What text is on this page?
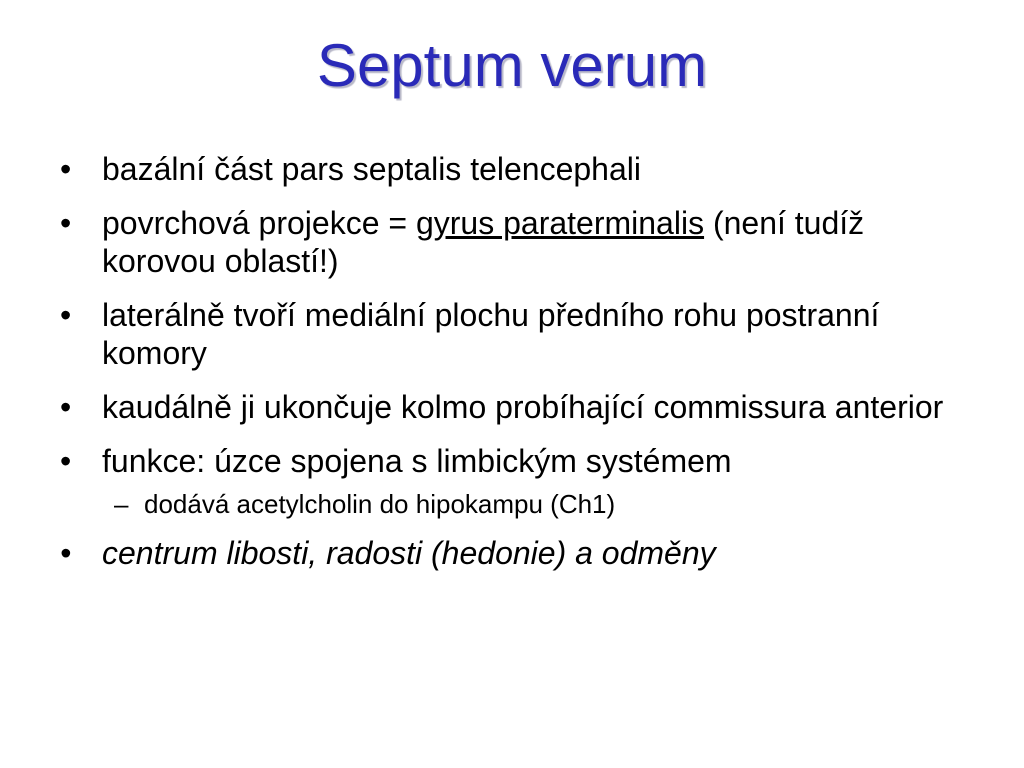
Septum verum
• bazální část pars septalis telencephali
• povrchová projekce = gyrus paraterminalis (není tudíž korovou oblastí!)
• laterálně tvoří mediální plochu předního rohu postranní komory
• kaudálně ji ukončuje kolmo probíhající commissura anterior
• funkce: úzce spojena s limbickým systémem
– dodává acetylcholin do hipokampu (Ch1)
• centrum libosti, radosti (hedonie) a odměny
